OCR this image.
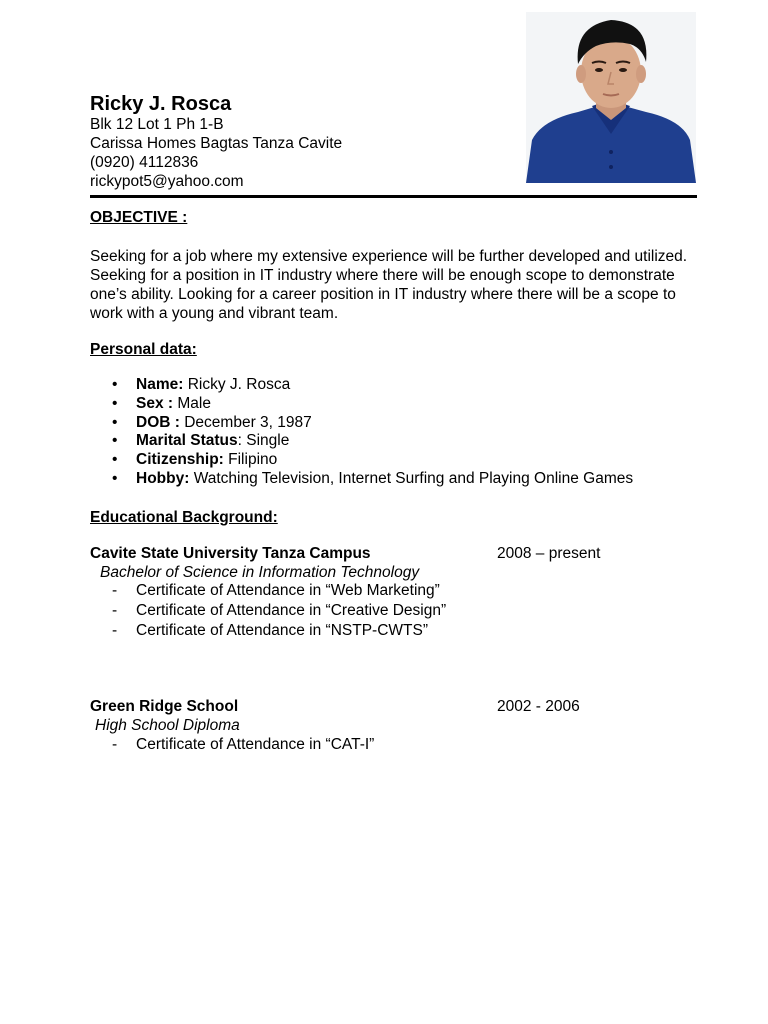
Ricky J. Rosca
Blk 12 Lot 1 Ph 1-B
Carissa Homes Bagtas Tanza Cavite
(0920) 4112836
rickypot5@yahoo.com
OBJECTIVE :
Seeking for a job where my extensive experience will be further developed and utilized. Seeking for a position in IT industry where there will be enough scope to demonstrate one’s ability. Looking for a career position in IT industry where there will be a scope to work with a young and vibrant team.
Personal data:
• Name: Ricky J. Rosca
• Sex : Male
• DOB : December 3, 1987
• Marital Status: Single
• Citizenship: Filipino
• Hobby: Watching Television, Internet Surfing and Playing Online Games
Educational Background:
Cavite State University Tanza Campus	2008 – present
Bachelor of Science in Information Technology
- Certificate of Attendance in “Web Marketing”
- Certificate of Attendance in “Creative Design”
- Certificate of Attendance in “NSTP-CWTS”
Green Ridge School	2002 - 2006
High School Diploma
- Certificate of Attendance in “CAT-I”
